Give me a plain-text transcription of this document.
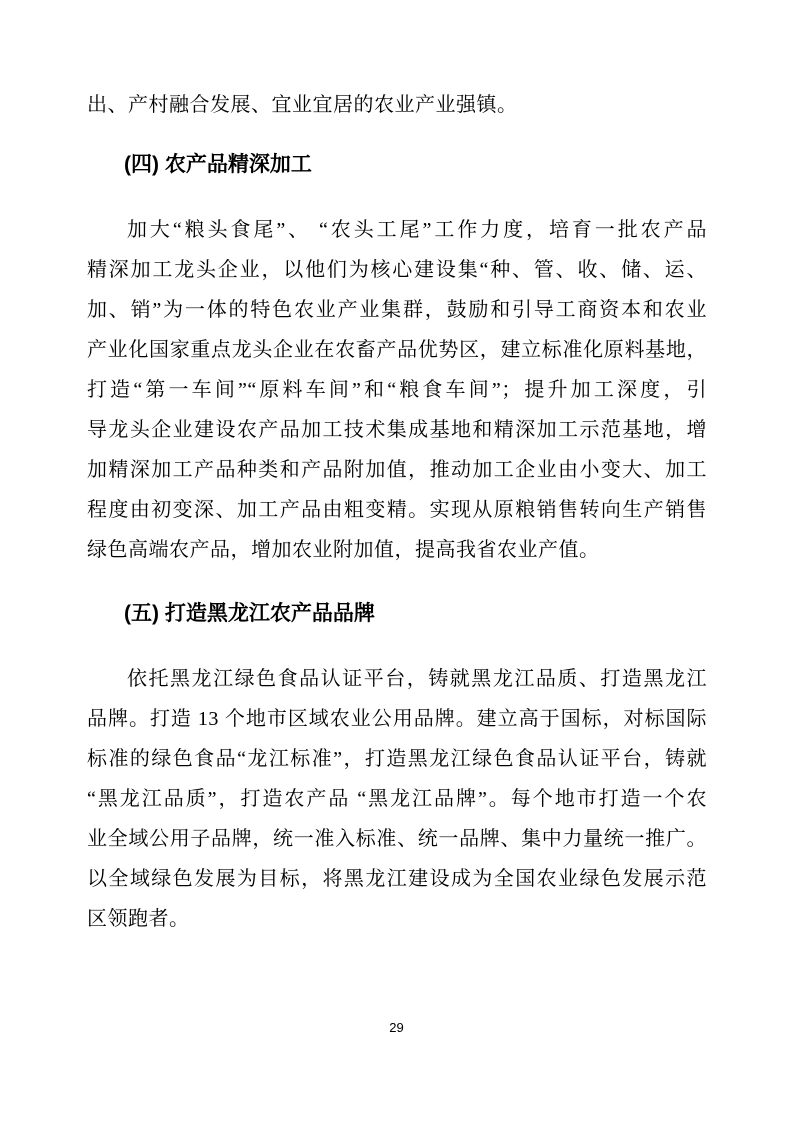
出、产村融合发展、宜业宜居的农业产业强镇。
(四) 农产品精深加工
加大“粮头食尾”、 “农头工尾”工作力度，培育一批农产品
精深加工龙头企业，以他们为核心建设集“种、管、收、储、运、
加、销”为一体的特色农业产业集群，鼓励和引导工商资本和农业
产业化国家重点龙头企业在农畜产品优势区，建立标准化原料基地，
打造“第一车间”“原料车间”和“粮食车间”；提升加工深度，引
导龙头企业建设农产品加工技术集成基地和精深加工示范基地，增
加精深加工产品种类和产品附加值，推动加工企业由小变大、加工
程度由初变深、加工产品由粗变精。实现从原粮销售转向生产销售
绿色高端农产品，增加农业附加值，提高我省农业产值。
(五) 打造黑龙江农产品品牌
依托黑龙江绿色食品认证平台，铸就黑龙江品质、打造黑龙江
品牌。打造 13 个地市区域农业公用品牌。建立高于国标，对标国际
标准的绿色食品“龙江标准”，打造黑龙江绿色食品认证平台，铸就
“黑龙江品质”，打造农产品 “黑龙江品牌”。每个地市打造一个农
业全域公用子品牌，统一准入标准、统一品牌、集中力量统一推广。
以全域绿色发展为目标，将黑龙江建设成为全国农业绿色发展示范
区领跑者。
29
